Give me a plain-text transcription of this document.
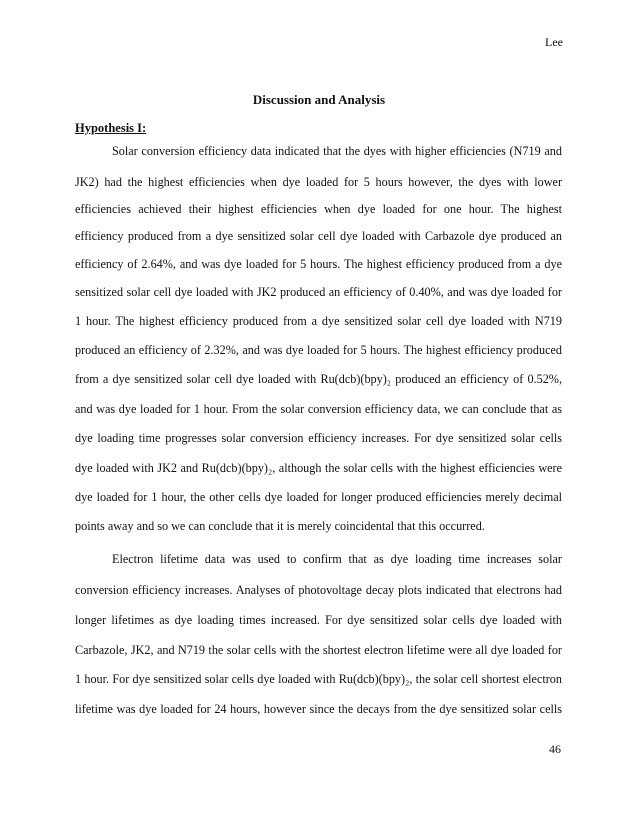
Lee
Discussion and Analysis
Hypothesis I:
Solar conversion efficiency data indicated that the dyes with higher efficiencies (N719 and
JK2) had the highest efficiencies when dye loaded for 5 hours however, the dyes with lower
efficiencies achieved their highest efficiencies when dye loaded for one hour. The highest
efficiency produced from a dye sensitized solar cell dye loaded with Carbazole dye produced an
efficiency of 2.64%, and was dye loaded for 5 hours. The highest efficiency produced from a dye
sensitized solar cell dye loaded with JK2 produced an efficiency of 0.40%, and was dye loaded for
1 hour. The highest efficiency produced from a dye sensitized solar cell dye loaded with N719
produced an efficiency of 2.32%, and was dye loaded for 5 hours. The highest efficiency produced
from a dye sensitized solar cell dye loaded with Ru(dcb)(bpy)₂ produced an efficiency of 0.52%,
and was dye loaded for 1 hour. From the solar conversion efficiency data, we can conclude that as
dye loading time progresses solar conversion efficiency increases. For dye sensitized solar cells
dye loaded with JK2 and Ru(dcb)(bpy)₂, although the solar cells with the highest efficiencies were
dye loaded for 1 hour, the other cells dye loaded for longer produced efficiencies merely decimal
points away and so we can conclude that it is merely coincidental that this occurred.
Electron lifetime data was used to confirm that as dye loading time increases solar
conversion efficiency increases. Analyses of photovoltage decay plots indicated that electrons had
longer lifetimes as dye loading times increased. For dye sensitized solar cells dye loaded with
Carbazole, JK2, and N719 the solar cells with the shortest electron lifetime were all dye loaded for
1 hour. For dye sensitized solar cells dye loaded with Ru(dcb)(bpy)₂, the solar cell shortest electron
lifetime was dye loaded for 24 hours, however since the decays from the dye sensitized solar cells
46
